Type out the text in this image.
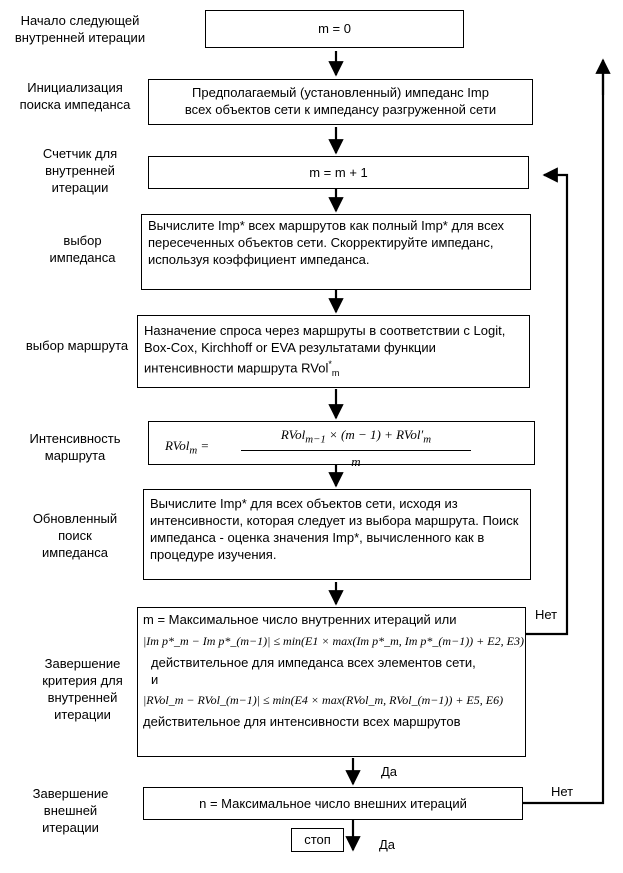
Начало следующей внутренней итерации
Инициализация поиска импеданса
Счетчик для внутренней итерации
выбор импеданса
выбор маршрута
Интенсивность маршрута
Обновленный поиск импеданса
Завершение критерия для внутренней итерации
Завершение внешней итерации
m = 0
Предполагаемый (установленный) импеданс Imp
всех объектов сети к импедансу разгруженной сети
m = m + 1
Вычислите Imp* всех маршрутов как полный Imp* для всех пересеченных объектов сети. Скорректируйте импеданс, используя коэффициент импеданса.
Назначение спроса через маршруты в соответствии с Logit, Box-Cox, Kirchhoff or EVA результатами функции интенсивности маршрута RVol*$_m$
RVol$_m$ =
RVol$_{m-1}$ × $(m - 1) + RVol'_m$
m
Вычислите Imp* для всех объектов сети, исходя из интенсивности, которая следует из выбора маршрута. Поиск импеданса - оценка значения Imp*, вычисленного как в процедуре изучения.
m = Максимальное число внутренних итераций или
|Im p*_m − Im p*_(m−1)| ≤ min(E1 × max(Im p*_m, Im p*_(m−1)) + E2, E3)
действительное для импеданса всех элементов сети, и
|RVol_m − RVol_(m−1)| ≤ min(E4 × max(RVol_m, RVol_(m−1)) + E5, E6)
действительное для интенсивности всех маршрутов
n = Максимальное число внешних итераций
стоп
Да
Да
Нет
Нет
